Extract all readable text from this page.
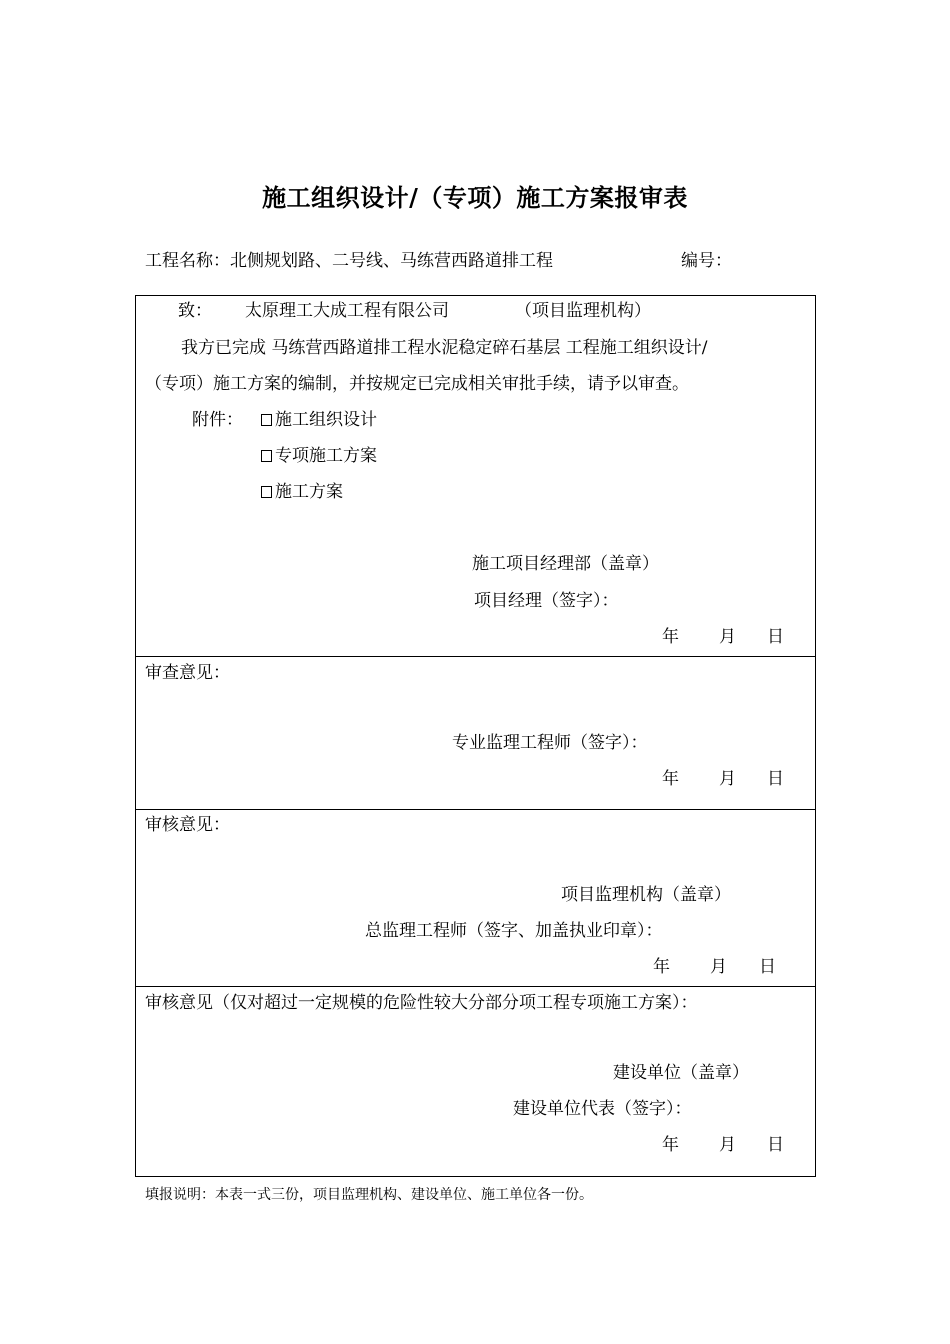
施工组织设计/（专项）施工方案报审表
工程名称：北侧规划路、二号线、马练营西路道排工程	编号：
致： 太原理工大成工程有限公司	（项目监理机构）
我方已完成 马练营西路道排工程水泥稳定碎石基层 工程施工组织设计/
（专项）施工方案的编制，并按规定已完成相关审批手续，请予以审查。
附件：	施工组织设计
专项施工方案
施工方案
施工项目经理部（盖章）
项目经理（签字）：
年 月 日
审查意见：
专业监理工程师（签字）：
年 月 日
审核意见：
项目监理机构（盖章）
总监理工程师（签字、加盖执业印章）：
年 月 日
审核意见（仅对超过一定规模的危险性较大分部分项工程专项施工方案）：
建设单位（盖章）
建设单位代表（签字）：
年 月 日
填报说明：本表一式三份，项目监理机构、建设单位、施工单位各一份。
